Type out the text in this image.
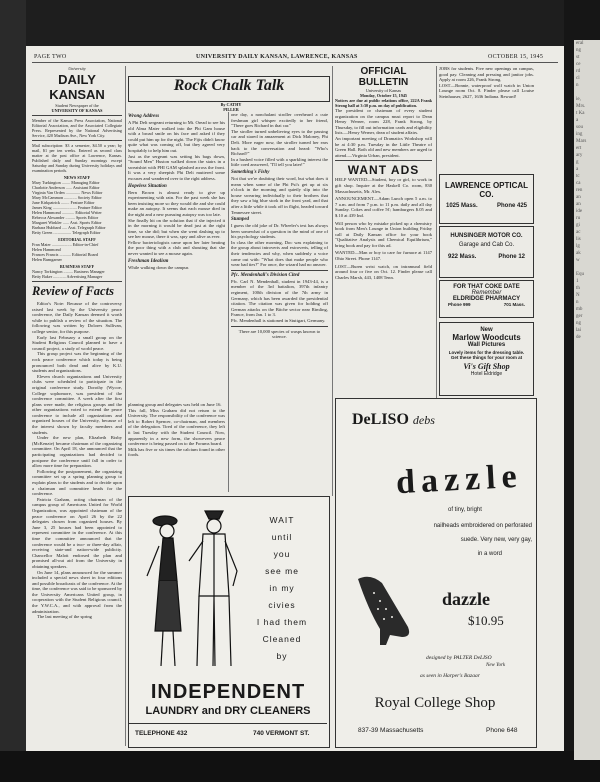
eral
ng
st
ce
rd
cl
n

ie,
Mrs.
t Ka
a
sou
ing
Mars
ert
ary
g
a
tc
ca
ren
an
an
ide
ru
gi
ac
lis
lg
ak
w

Equ
1
th
N
n
mb
ger
ng
lai
de
PAGE TWO	UNIVERSITY DAILY KANSAN, LAWRENCE, KANSAS	OCTOBER 15, 1945
University
DAILY KANSAN
Student Newspaper of the
UNIVERSITY OF KANSAS

Member of the Kansas Press Association, National Editorial Association, and the Associated Collegiate Press. Represented by the National Advertising Service, 420 Madison Ave., New York City.

Mail subscription: $3 a semester, $4.50 a year; by mail, $1 per ten weeks. Entered as second class matter at the post office at Lawrence, Kansas. Published daily and Sunday mornings except Saturday and Sunday during University holidays and examination periods.

NEWS STAFF
Mary Turkington ........ Managing Editor
Charlotte Anderson ...... Assistant Editor
Virginia Van Orden .............. News Editor
Mary McCammon ............ Society Editor
June Kirkpatrick ........ Feature Editor
James King ....................... Feature Editor
Helen Hammond ............ Editorial Writer
Rebecca Alexander ......... Sports Editor
Margaret Winkler ...... Asst. Sports Editor
Barbara Hubbard ..... Asst. Telegraph Editor
Betty Green ................. Telegraph Editor
EDITORIAL STAFF
Fran Maier ................... Editor-in-Chief
Helen Hammond
Frances Francis ........... Editorial Board
Helen Bumgarner
BUSINESS STAFF
Nancy Torkington ......... Business Manager
Betty Baker ............ Advertising Manager
Review of Facts

Editor's Note: Because of the controversy raised last week by the University peace conference, the Daily Kansan deemed it worth while to publish a review of the situation. The following was written by Dolores Sullivan, college senior, for this purpose.

Early last February a small group on the Student Religious Council planned to have a council project, a study of world peace.

This group project was the beginning of the rock peace conference which today is being pronounced both dead and alive by K.U. students and organizations.

Eleven church organizations and University clubs were scheduled to participate in the original conference study. Dorothy (Wycoe, College sophomore, was president of the conference committee. A week after the first plans were made, the religious groups and the other organizations voted to extend the peace conference to include all organizations and organized houses of the University, because of the interest shown by faculty members and students.

Under the new plan, Elizabeth Bixby (McKenzie) became chairman of the organizing committee. On April 18, she announced that the participating organizations had decided to postpone the conference until fall in order to allow more time for preparation.

Following the postponement, the organizing committee set up a spring planning group to explain plans to the students and to decide upon a chairman and committee heads for the conference.

Patricia Graham, acting chairman of the campus group of Americans United for World Organization, was appointed chairman of the peace conference on April 26 by the 22 delegates chosen from organized houses. By June 3, 25 houses had been appointed to represent committee in the conference. At this time the committee announced that the conference would be a two- or three-day affair, receiving state-and nation-wide publicity. Chancellor Malott endorsed the plan and promised all-out aid from the University in obtaining speakers.

On June 14, plans announced for the summer included a special news sheet in four editions and possible broadcasts of the conference. At the time, the conference was said to be sponsored by the University Americans United group, in cooperation with the Student Religious council, the Y.W.C.A., and with approval from the administration.

The last meeting of the spring

Rock Chalk Talk
By CATHY
PILLER
Wrong Address

A Phi Delt sergeant returning to Mt. Oread to see his old Alma Mater walked into the Phi Gam house with a broad smile on his face and asked if they could put him up for the night. The Fijis didn't know quite what was coming off, but they agreed very hospitably to help him out.

Just as the sergeant was setting his bags down, "Sound Men" Huston walked down the stairs in a sweatshirt with PHI GAM splashed across the front. It was a very sheepish Phi Delt muttered some excuses and wandered over to the right address.

Hopeless Situation

Bern Brown is almost ready to give up experimenting with rain. For the past week she has been insisting more so they would die and she could make an autopsy. It seems that each mouse died in the night and a new pursuing autopsy was too late.

She finally hit on the solution that if she injected it in the morning it would be dead just at the right time, so she did; but when she went dashing up to see her mouse, there it was, spry and alive as ever.

Fellow bacteriologists came upon her later beating the poor thing with a club and shouting that she never wanted to see a mouse again.

Freshman Idealism

While walking down the campus

planning group and delegates was held on June 16.

This fall, Miss Graham did not return to the University. The responsibility of the conference was left to Robert Spencer, co-chairman, and members of the delegation. Tired of the conference, they left it last Tuesday with the Student Council. Now, apparently in a new form, the showevers peace conference is being passed on to the Forums board.

Milk has five or six times the calcium found in other foods.

one day, a nonchalant stroller overheard a cute freshman girl whisper excitedly to her friend, "There goes Richard in that car."

The stroller turned unbelieving eyes to the passing car and stared in amazement at Dick Maloney, Phi Delt. More eager now, the stroller turned her ears back to the conversation and heard: "Who's Richard?"

In a hushed voice filled with a sparkling interest the little coed answered, "I'll tell you later!"

Something's Fishy

Not that we're doubting their word, but what does it mean when some of the Phi Psi's get up at six o'clock in the morning and quietly slip into the house swearing individually to their brothers that they saw a big blue stork in the front yard, and that after a little while it took off in flight, headed toward Tennessee street.

Stumped

I guess the old joke of Dr. Wheeler's test has always been somewhat of a question in the mind of one of his psychology students.

In class the other morning, Doc was explaining to the group about introverts and extroverts, telling of their tendencies and why, when suddenly a voice came out with: "What does that make people who wear bad ties?" For once, the wizard had no answer.

Pfc. Mendenhall's Division Cited

Pfc. Carl N. Mendenhall, student in 1943-44, is a member of the 3rd battalion, 397th infantry regiment, 100th division of the 7th army in Germany, which has been awarded the presidential citation. The citation was given for holding off German attacks on the Bitche sector near Rimling, France, from Jan. 1 to 3.

Pfc. Mendenhall is stationed in Stuttgart, Germany.

There are 10,000 species of wasps known to science.

OFFICIAL BULLETIN
University of Kansas
Monday, October 15, 1945

Notices are due at public relations office, 222A Frank Strong hall at 3:30 p.m. on day of publication.

The president or chairman of every student organization on the campus must report to Dean Henry Werner, room 228, Frank Strong, by Thursday, to fill out information cards and eligibility lists.—Henry Werner, dean of student affairs.

An important meeting of Dramatics Workshop will be at 4:30 p.m. Tuesday in the Little Theatre of Green Hall. Both old and new members are urged to attend.—Virginia Urban, president.

WANT ADS

HELP WANTED—Student, boy or girl, to work in gift shop. Inquire at the Haskell Co. room, 830 Massachusetts, Mr. Alex.

ANNOUNCEMENT—Adam Lunch open 5 a.m. to 7 a.m. and from 7 p.m. to 11 p.m. daily and all day Sunday. Cokes and coffee 5¢; hamburgers $.05 and $.10 at 439 Ind.

Will person who by mistake picked up a chemistry book from Men's Lounge in Union building Friday call at Daily Kansan office for your book "Qualitative Analysis and Chemical Equilibrium," bring book and pay for this ad.

WANTED—Man or boy to care for furnace at 1147 Ohio Street. Phone 1147.

LOST—Buren wrist watch, on intramural field around four or five on Oct. 12. Finder please call Charles Marsh, 443, 1408 Tenn.

JOBS for students. Five new openings on campus, good pay. Cleaning and pressing and janitor jobs. Apply at room 226, Frank Strong.

LOST—Bonnie, waterproof wolf watch in Union Lounge room Oct. 8. Finder please call Louise Steinhauser, 2627, 1636 Indiana. Reward!

LAWRENCE OPTICAL

CO.

1025 Mass.	Phone 425

HUNSINGER MOTOR CO.

Garage and Cab Co.

922 Mass.	Phone 12

FOR THAT COKE DATE

Remember

ELDRIDGE PHARMACY

Phone 999	701 Mass.

New

Marlow Woodcuts

Wall Pictures

Lovely items for the dressing table.

Get these things for your room at

Vi's Gift Shop

Hotel Eldridge

WAIT

until

you

see me

in my

civies

I had them

Cleaned

by

INDEPENDENT
LAUNDRY and DRY CLEANERS
TELEPHONE 432	740 VERMONT ST.
DeLISO debs
dazzle
of tiny, bright
nailheads embroidered on perforated
suede. Very new, very gay,
in a word
dazzle
$10.95
designed by PALTER DeLISO
New York
as seen in Harper's Bazaar
Royal College Shop
837-39 Massachusetts	Phone 648
